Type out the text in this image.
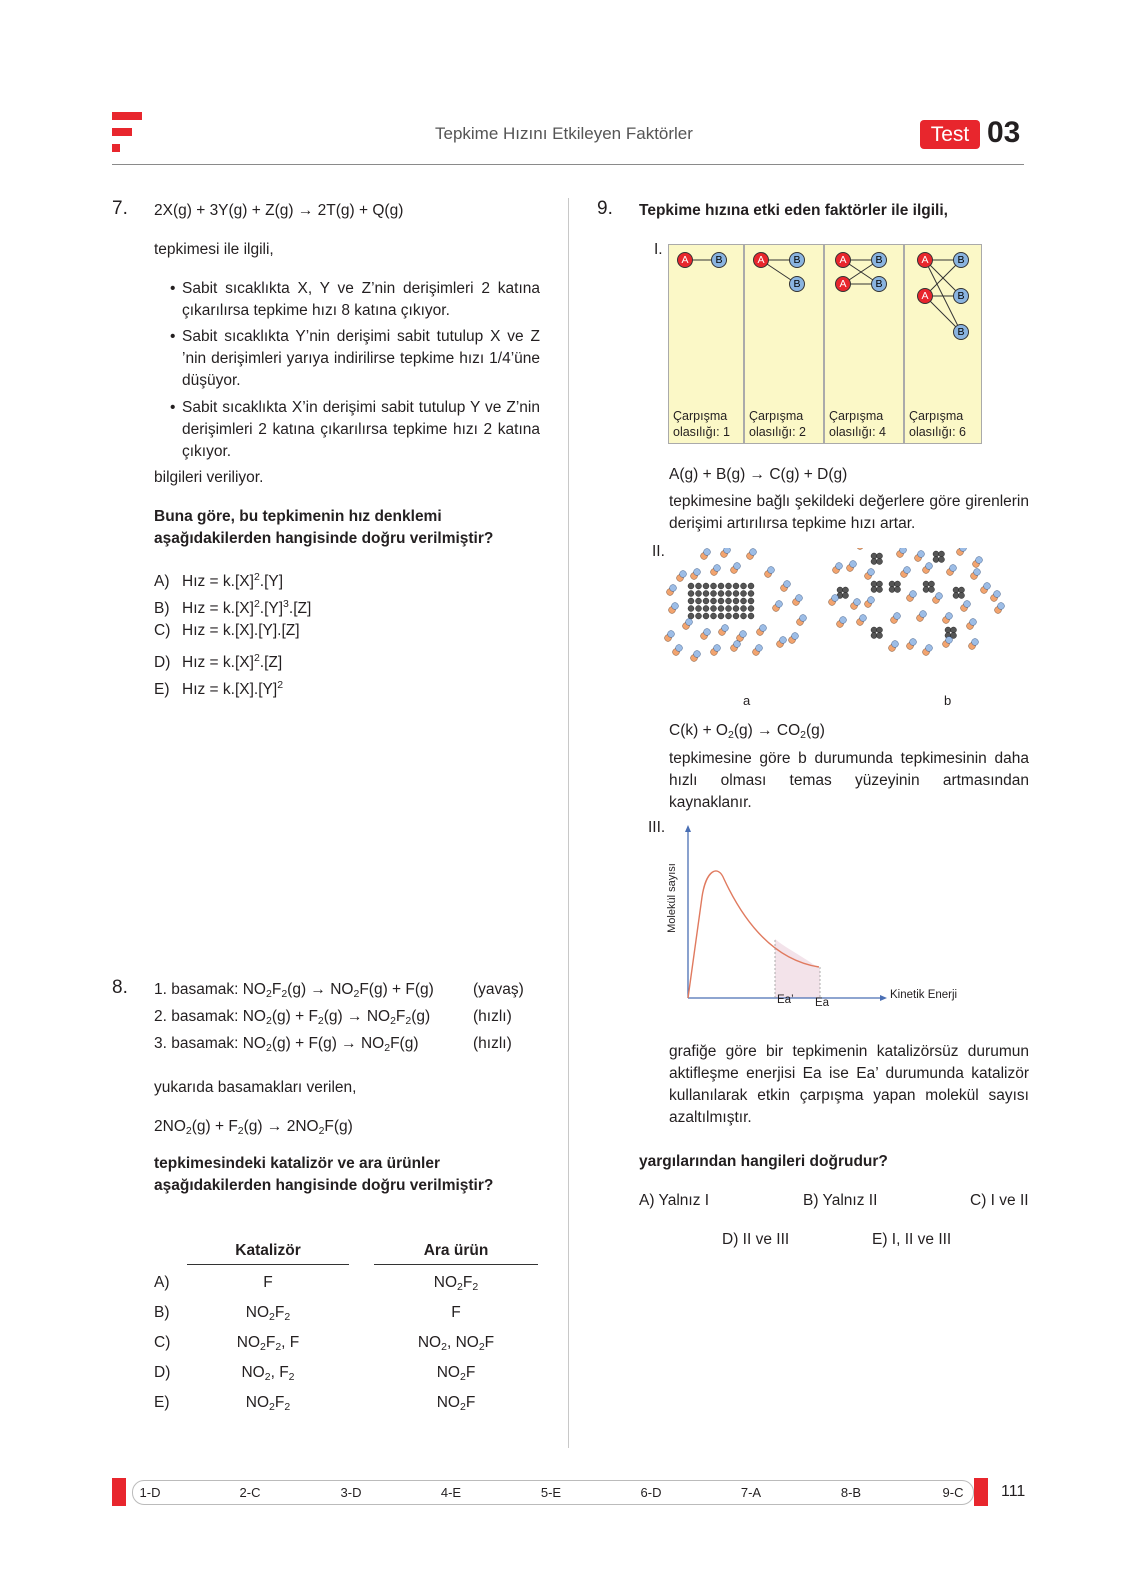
Tepkime Hızını Etkileyen Faktörler	Test 03
7. 2X(g) + 3Y(g) + Z(g) → 2T(g) + Q(g)
tepkimesi ile ilgili,
• Sabit sıcaklıkta X, Y ve Z’nin derişimleri 2 katına çıkarılırsa tepkime hızı 8 katına çıkıyor.
• Sabit sıcaklıkta Y’nin derişimi sabit tutulup X ve Z ’nin derişimleri yarıya indirilirse tepkime hızı 1/4’üne düşüyor.
• Sabit sıcaklıkta X’in derişimi sabit tutulup Y ve Z’nin derişimleri 2 katına çıkarılırsa tepkime hızı 2 katına çıkıyor.
bilgileri veriliyor.
Buna göre, bu tepkimenin hız denklemi aşağıdakilerden hangisinde doğru verilmiştir?
A) Hız = $k.[X]^2.[Y]$
B) Hız = $k.[X]^2.[Y]^3.[Z]$
C) Hız = k.[X].[Y].[Z]
D) Hız = $k.[X]^2.[Z]$
E) Hız = $k.[X].[Y]^2$
8. 1. basamak: $NO_2F_2(g) \to NO_2F(g) + F(g)$	(yavaş)
2. basamak: $NO_2(g) + F_2(g) \to NO_2F_2(g)$	(hızlı)
3. basamak: $NO_2(g) + F(g) \to NO_2F(g)$	(hızlı)
yukarıda basamakları verilen,
$2NO_2(g) + F_2(g) \to 2NO_2F(g)$
tepkimesindeki katalizör ve ara ürünler aşağıdakilerden hangisinde doğru verilmiştir?
Katalizör	Ara ürün
A)	F	$NO_2F_2$
B)	$NO_2F_2$	F
C)	$NO_2F_2$, F	$NO_2$, $NO_2F$
D)	$NO_2$, $F_2$	$NO_2F$
E)	$NO_2F_2$	$NO_2F$
9. Tepkime hızına etki eden faktörler ile ilgili,
I.
A	B
Çarpışma
olasılığı: 1
A	B
B
Çarpışma
olasılığı: 2
A
A
B
B
Çarpışma
olasılığı: 4
A
A
B
B
B
Çarpışma
olasılığı: 6
A(g) + B(g) → C(g) + D(g)
tepkimesine bağlı şekildeki değerlere göre girenlerin derişimi artırılırsa tepkime hızı artar.
II.
a	b
$C(k) + O_2(g) \to CO_2(g)$
tepkimesine göre b durumunda tepkimesinin daha hızlı olması temas yüzeyinin artmasından kaynaklanır.
III.
Molekül sayısı
Kinetik Enerji
Ea’ Ea
grafiğe göre bir tepkimenin katalizörsüz durumun aktifleşme enerjisi Ea ise Ea’ durumunda katalizör kullanılarak etkin çarpışma yapan molekül sayısı azaltılmıştır.
yargılarından hangileri doğrudur?
A) Yalnız I	B) Yalnız II	C) I ve II
D) II ve III	E) I, II ve III
1-D	2-C	3-D	4-E	5-E	6-D	7-A	8-B	9-C	111
